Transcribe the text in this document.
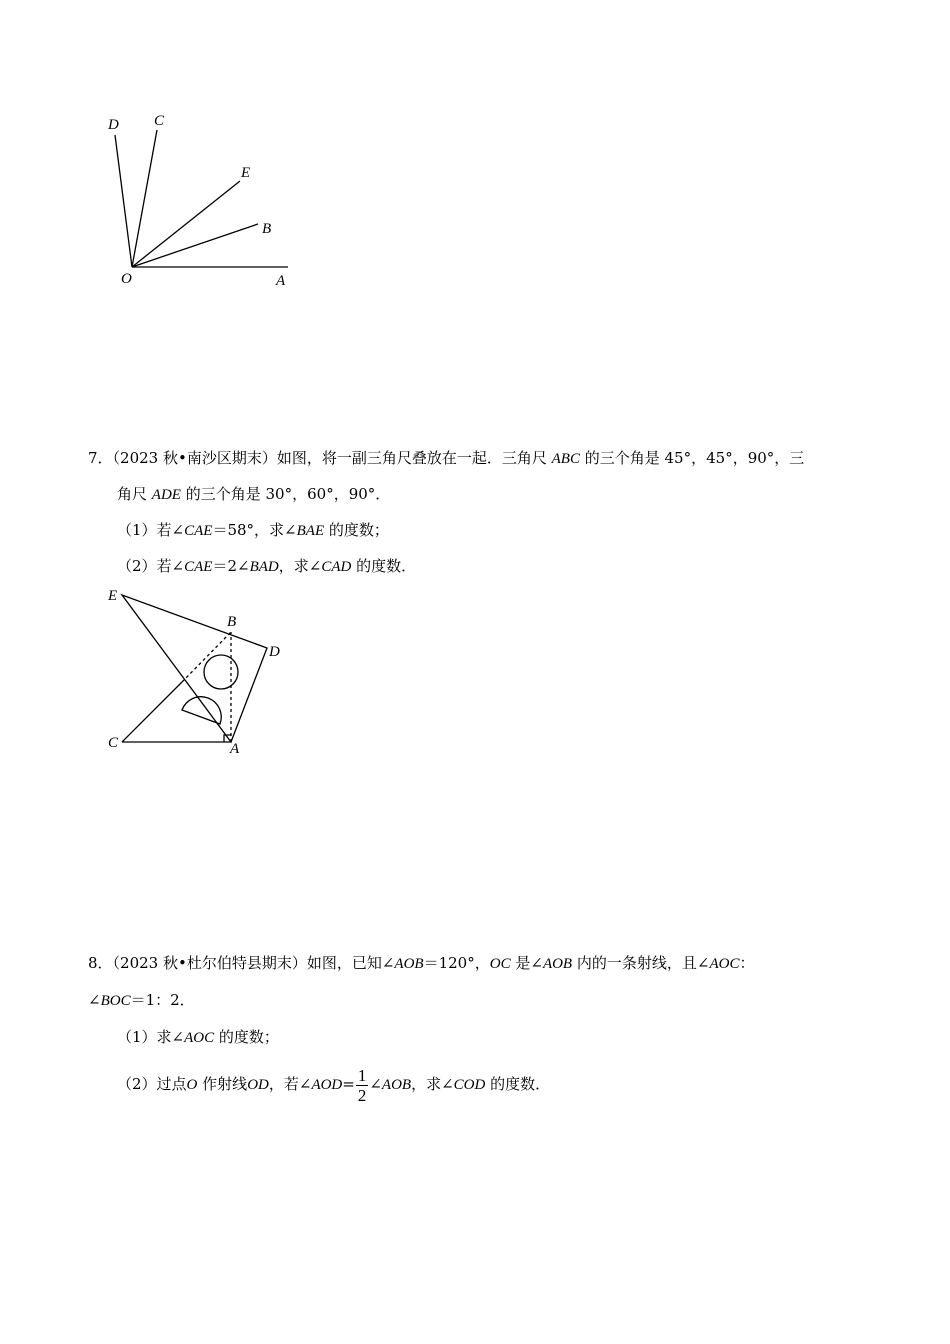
D C
E
B
O	A
7．（2023 秋•南沙区期末）如图，将一副三角尺叠放在一起．三角尺 ABC 的三个角是 45°，45°，90°，三
角尺 ADE 的三个角是 30°，60°，90°．
（1）若∠CAE＝58°，求∠BAE 的度数；
（2）若∠CAE＝2∠BAD，求∠CAD 的度数．
E
B
D
C	A
8．（2023 秋•杜尔伯特县期末）如图，已知∠AOB＝120°，OC 是∠AOB 内的一条射线，且∠AOC：
∠BOC＝1：2．
（1）求∠AOC 的度数；
（2）过点O 作射线OD，若∠AOD= $\frac{1}{2}$ ∠AOB，求∠COD 的度数．
